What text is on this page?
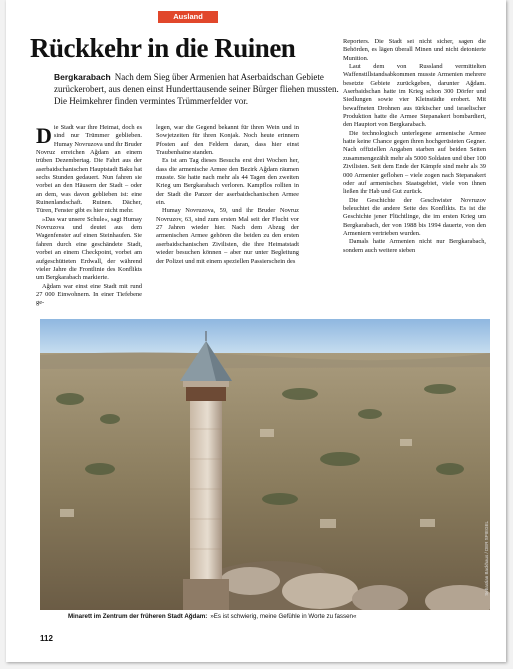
Ausland
Rückkehr in die Ruinen
Bergkarabach Nach dem Sieg über Armenien hat Aserbaidschan Gebiete zurückerobert, aus denen einst Hunderttausende seiner Bürger fliehen mussten. Die Heimkehrer finden vermintes Trümmerfelder vor.

Die Stadt war ihre Heimat, doch es sind nur Trümmer geblieben. Humay Novruzova und ihr Bruder Novruz erreichen Ağdam an einem trüben Dezembertag. Die Fahrt aus der aserbaidschanischen Hauptstadt Baku hat sechs Stunden gedauert. Nun fahren sie vorbei an den Häusern der Stadt – oder an dem, was davon geblieben ist: eine Ruinenlandschaft. Ruinen. Dächer, Türen, Fenster gibt es hier nicht mehr.

»Das war unsere Schule«, sagt Humay Novruzova und deutet aus dem Wagenfenster auf einen Steinhaufen. Sie fahren durch eine geschändete Stadt, vorbei an einem Checkpoint, vorbei am aufgeschütteten Erdwall, der während vieler Jahre die Frontlinie des Konflikts um Bergkarabach markierte.

Ağdam war einst eine Stadt mit rund 27 000 Einwohnern. In einer Tiefebene ge-

legen, war die Gegend bekannt für ihren Wein und in Sowjetzeiten für ihren Konjak. Noch heute erinnern Pfosten auf den Feldern daran, dass hier einst Traubenhaine standen.

Es ist am Tag dieses Besuchs erst drei Wochen her, dass die armenische Armee den Bezirk Ağdam räumen musste. Sie hatte nach mehr als 44 Tagen den zweiten Krieg um Bergkarabach verloren. Kampflos rollten in der Stadt die Panzer der aserbaidschanischen Armee ein.

Humay Novruzova, 59, und ihr Bruder Novruz Novruzov, 63, sind zum ersten Mal seit der Flucht vor 27 Jahren wieder hier. Nach dem Abzug der armenischen Armee gehören die beiden zu den ersten aserbaidschanischen Zivilisten, die ihre Heimatstadt wieder besuchen können – aber nur unter Begleitung der Polizei und mit einem speziellen Passierschein des

Reporters. Die Stadt sei nicht sicher, sagen die Behörden, es lägen überall Minen und nicht detonierte Munition.

Laut dem von Russland vermittelten Waffenstillstandsabkommen musste Armenien mehrere besetzte Gebiete zurückgeben, darunter Ağdam. Aserbaidschan hatte im Krieg schon 300 Dörfer und Siedlungen sowie vier Kleinstädte erobert. Mit bewaffneten Drohnen aus türkischer und israelischer Produktion hatte die Armee Stepanakert bombardiert, den Hauptort von Bergkarabach.

Die technologisch unterlegene armenische Armee hatte keine Chance gegen ihren hochgerüsteten Gegner. Nach offiziellen Angaben starben auf beiden Seiten zusammengezählt mehr als 5000 Soldaten und über 100 Zivilisten. Seit dem Ende der Kämpfe sind mehr als 39 000 Armenier geflohen – viele zogen nach Stepanakert oder auf armenisches Staatsgebiet, viele von ihnen ließen ihr Hab und Gut zurück.

Die Geschichte der Geschwister Novruzov beleuchtet die andere Seite des Konflikts. Es ist die Geschichte jener Flüchtlinge, die im ersten Krieg um Bergkarabach, der von 1988 bis 1994 dauerte, von den Armeniern vertrieben wurden.

Damals hatte Armenien nicht nur Bergkarabach, sondern auch weitere sieben

Sebastian Backhaus / DER SPIEGEL
Minarett im Zentrum der früheren Stadt Ağdam: »Es ist schwierig, meine Gefühle in Worte zu fassen«
112
